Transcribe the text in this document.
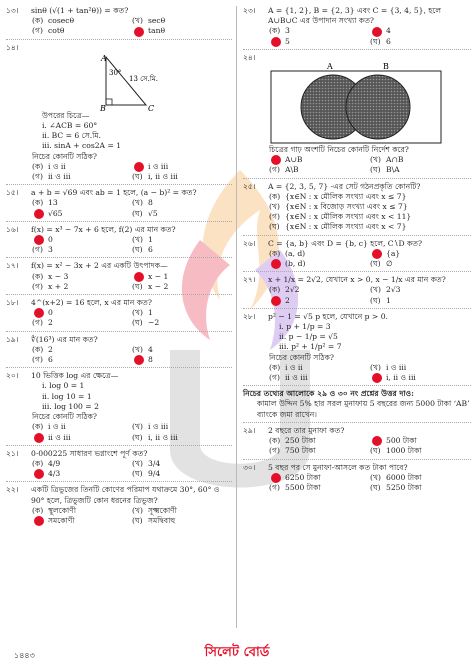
১৩।	sinθ (√(1 + tan²θ)) = কত?
(ক) cosecθ	(খ) secθ
(গ) cotθ	tanθ
১৪।
A
B	C
30°
13 সে.মি.
উপরের চিত্রে—
i. ∠ACB = 60°
ii. BC = 6 সে.মি.
iii. sinA + cos2A = 1
নিচের কোনটি সঠিক?
(ক) i ও ii	i ও iii
(গ) ii ও iii	(ঘ) i, ii ও iii
১৫।	a + b = √69 এবং ab = 1 হলে, (a − b)² = কত?
(ক) 13	(খ) 8
√65	(ঘ) √5
১৬।	f(x) = x³ − 7x + 6 হলে, f(2) এর মান কত?
0	(খ) 1
(গ) 3	(ঘ) 6
১৭।	f(x) = x² − 3x + 2 এর একটি উৎপাদক—
(ক) x − 3	x − 1
(গ) x + 2	(ঘ) x − 2
১৮।	4^(x+2) = 16 হলে, x এর মান কত?
0	(খ) 1
(গ) 2	(ঘ) −2
১৯।	∜(16³) এর মান কত?
(ক) 2	(খ) 4
(গ) 6	8
২০।	10 ভিত্তিক log এর ক্ষেত্রে—
i. log 0 = 1
ii. log 10 = 1
iii. log 100 = 2
নিচের কোনটি সঠিক?
(ক) i ও ii	(খ) i ও iii
ii ও iii	(ঘ) i, ii ও iii
২১।	0·000225 সাধারণ ভগ্নাংশে পূর্ণ কত?
(ক) 4/9	(খ) 3/4
4/3	(ঘ) 9/4
২২।	একটি ত্রিভুজের তিনটি কোণের পরিমাপ যথাক্রমে 30°, 60° ও 90° হলে, ত্রিভুজটি কোন ধরনের ত্রিভুজ?
(ক) স্থূলকোণী	(খ) সূক্ষ্মকোণী
সমকোণী	(ঘ) সমদ্বিবাহু
২৩।	A = {1, 2}, B = {2, 3} এবং C = {3, 4, 5}, হলে A∪B∪C এর উপাদান সংখ্যা কত?
(ক) 3	4
5	(ঘ) 6
২৪।
A	B
চিত্রের গাঢ় অংশটি নিচের কোনটি নির্দেশ করে?
A∪B	(খ) A∩B
(গ) A\B	(ঘ) B\A
২৫।	A = {2, 3, 5, 7} -এর সেট গঠনপ্রকৃতি কোনটি?
(ক) {x∈N : x মৌলিক সংখ্যা এবং x ≤ 7}
(খ) {x∈N : x বিজোড় সংখ্যা এবং x ≤ 7}
(গ) {x∈N : x মৌলিক সংখ্যা এবং x < 11}
(ঘ) {x∈N : x মৌলিক সংখ্যা এবং x < 7}
২৬।	C = {a, b} এবং D = {b, c} হলে, C∖D কত?
(ক) (a, d)	{a}
(b, d)	(ঘ) ∅
২৭।	x + 1/x = 2√2, যেখানে x > 0, x − 1/x এর মান কত?
(ক) 2√2	(খ) 2√3
2	(ঘ) 1
২৮।	p² − 1 = √5 p হলে, যেখানে p > 0.
i. p + 1/p = 3
ii. p − 1/p = √5
iii. p² + 1/p² = 7
নিচের কোনটি সঠিক?
(ক) i ও ii	(খ) i ও iii
(গ) ii ও iii	i, ii ও iii
নিচের তথ্যের আলোকে ২৯ ও ৩০ নং প্রশ্নের উত্তর দাও:
কামাল উদ্দিন 5% হার সরল মুনাফায় 5 বছরের জন্য 5000 টাকা ‘AB’ ব্যাংকে জমা রাখেন।
২৯।	2 বছরে তার মুনাফা কত?
(ক) 250 টাকা	500 টাকা
(গ) 750 টাকা	(ঘ) 1000 টাকা
৩০।	5 বছর পর সে মুনাফা-আসলে কত টাকা পাবে?
6250 টাকা	(খ) 6000 টাকা
(গ) 5500 টাকা	(ঘ) 5250 টাকা
১৪৪৩	সিলেট বোর্ড
